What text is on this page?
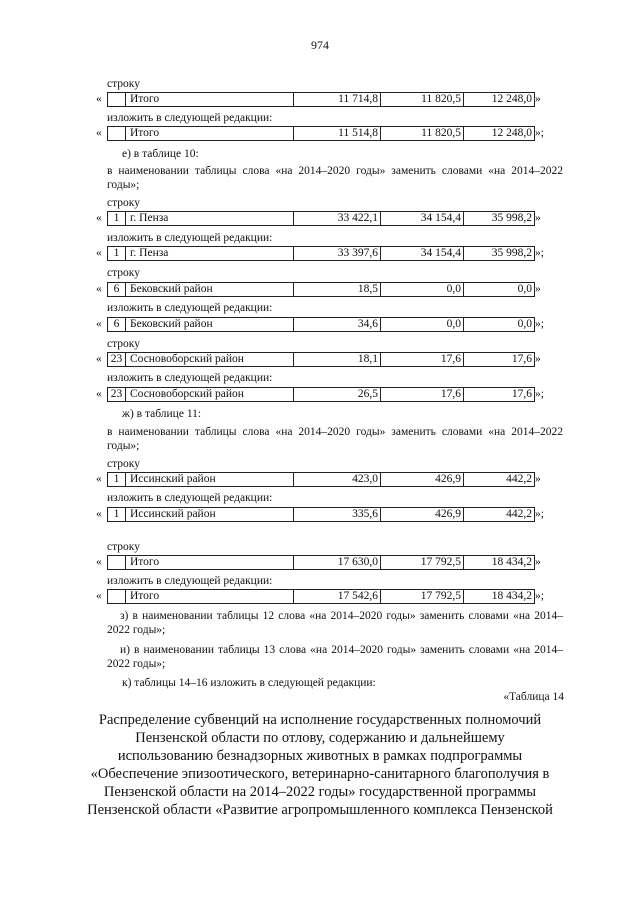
974
строку
« Итого	11 714,8	11 820,5	12 248,0 »
изложить в следующей редакции:
« Итого	11 514,8	11 820,5	12 248,0 »;
е) в таблице 10:
в наименовании таблицы слова «на 2014–2020 годы» заменить словами «на 2014–2022 годы»;
строку
«	1 г. Пенза	33 422,1	34 154,4	35 998,2 »
изложить в следующей редакции:
«	1 г. Пенза	33 397,6	34 154,4	35 998,2 »;
строку
«	6 Бековский район	18,5	0,0	0,0 »
изложить в следующей редакции:
«	6 Бековский район	34,6	0,0	0,0 »;
строку
« 23 Сосновоборский район	18,1	17,6	17,6 »
изложить в следующей редакции:
« 23 Сосновоборский район	26,5	17,6	17,6 »;
ж) в таблице 11:
в наименовании таблицы слова «на 2014–2020 годы» заменить словами «на 2014–2022 годы»;
строку
«	1 Иссинский район	423,0	426,9	442,2 »
изложить в следующей редакции:
«	1 Иссинский район	335,6	426,9	442,2 »;
строку
« Итого	17 630,0	17 792,5	18 434,2 »
изложить в следующей редакции:
« Итого	17 542,6	17 792,5	18 434,2 »;
з) в наименовании таблицы 12 слова «на 2014–2020 годы» заменить словами «на 2014–2022 годы»;
и) в наименовании таблицы 13 слова «на 2014–2020 годы» заменить словами «на 2014–2022 годы»;
к) таблицы 14–16 изложить в следующей редакции:
«Таблица 14
Распределение субвенций на исполнение государственных полномочий
Пензенской области по отлову, содержанию и дальнейшему
использованию безнадзорных животных в рамках подпрограммы
«Обеспечение эпизоотического, ветеринарно-санитарного благополучия в
Пензенской области на 2014–2022 годы» государственной программы
Пензенской области «Развитие агропромышленного комплекса Пензенской
